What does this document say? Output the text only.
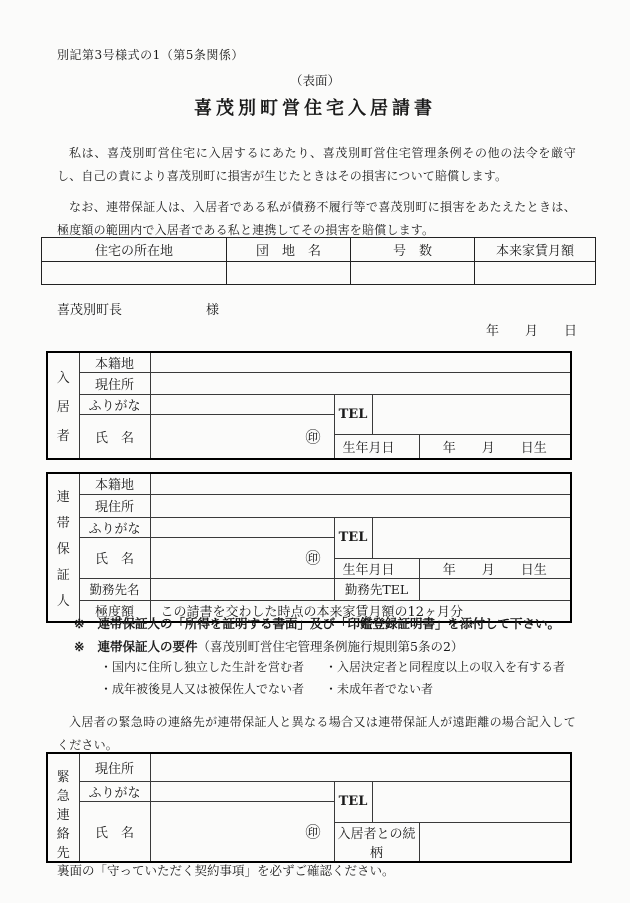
別記第3号様式の1（第5条関係）
（表面）
喜茂別町営住宅入居請書
私は、喜茂別町営住宅に入居するにあたり、喜茂別町営住宅管理条例その他の法令を厳守し、自己の責により喜茂別町に損害が生じたときはその損害について賠償します。
なお、連帯保証人は、入居者である私が債務不履行等で喜茂別町に損害をあたえたときは、極度額の範囲内で入居者である私と連携してその損害を賠償します。
住宅の所在地	団　地　名	号　数	本来家賃月額

喜茂別町長	様
年　　月　　日
入
居
者	本籍地				
	現住所				
	ふりがな		TEL		
	氏　名	㊞			
			生年月日		年　　月　　日生
連
帯
保
証
人	本籍地				
	現住所				
	ふりがな		TEL		
	氏　名	㊞			
			生年月日		年　　月　　日生
	勤務先名		勤務先TEL		
	極度額	この請書を交わした時点の本来家賃月額の12ヶ月分			
※ 連帯保証人の「所得を証明する書面」及び「印鑑登録証明書」を添付して下さい。
※ 連帯保証人の要件（喜茂別町営住宅管理条例施行規則第5条の2）
・国内に住所し独立した生計を営む者	・入居決定者と同程度以上の収入を有する者
・成年被後見人又は被保佐人でない者	・未成年者でない者
入居者の緊急時の連絡先が連帯保証人と異なる場合又は連帯保証人が遠距離の場合記入してください。
緊
急
連
絡
先	現住所				
	ふりがな		TEL		
	氏　名	㊞			
			入居者との続柄		
裏面の「守っていただく契約事項」を必ずご確認ください。
